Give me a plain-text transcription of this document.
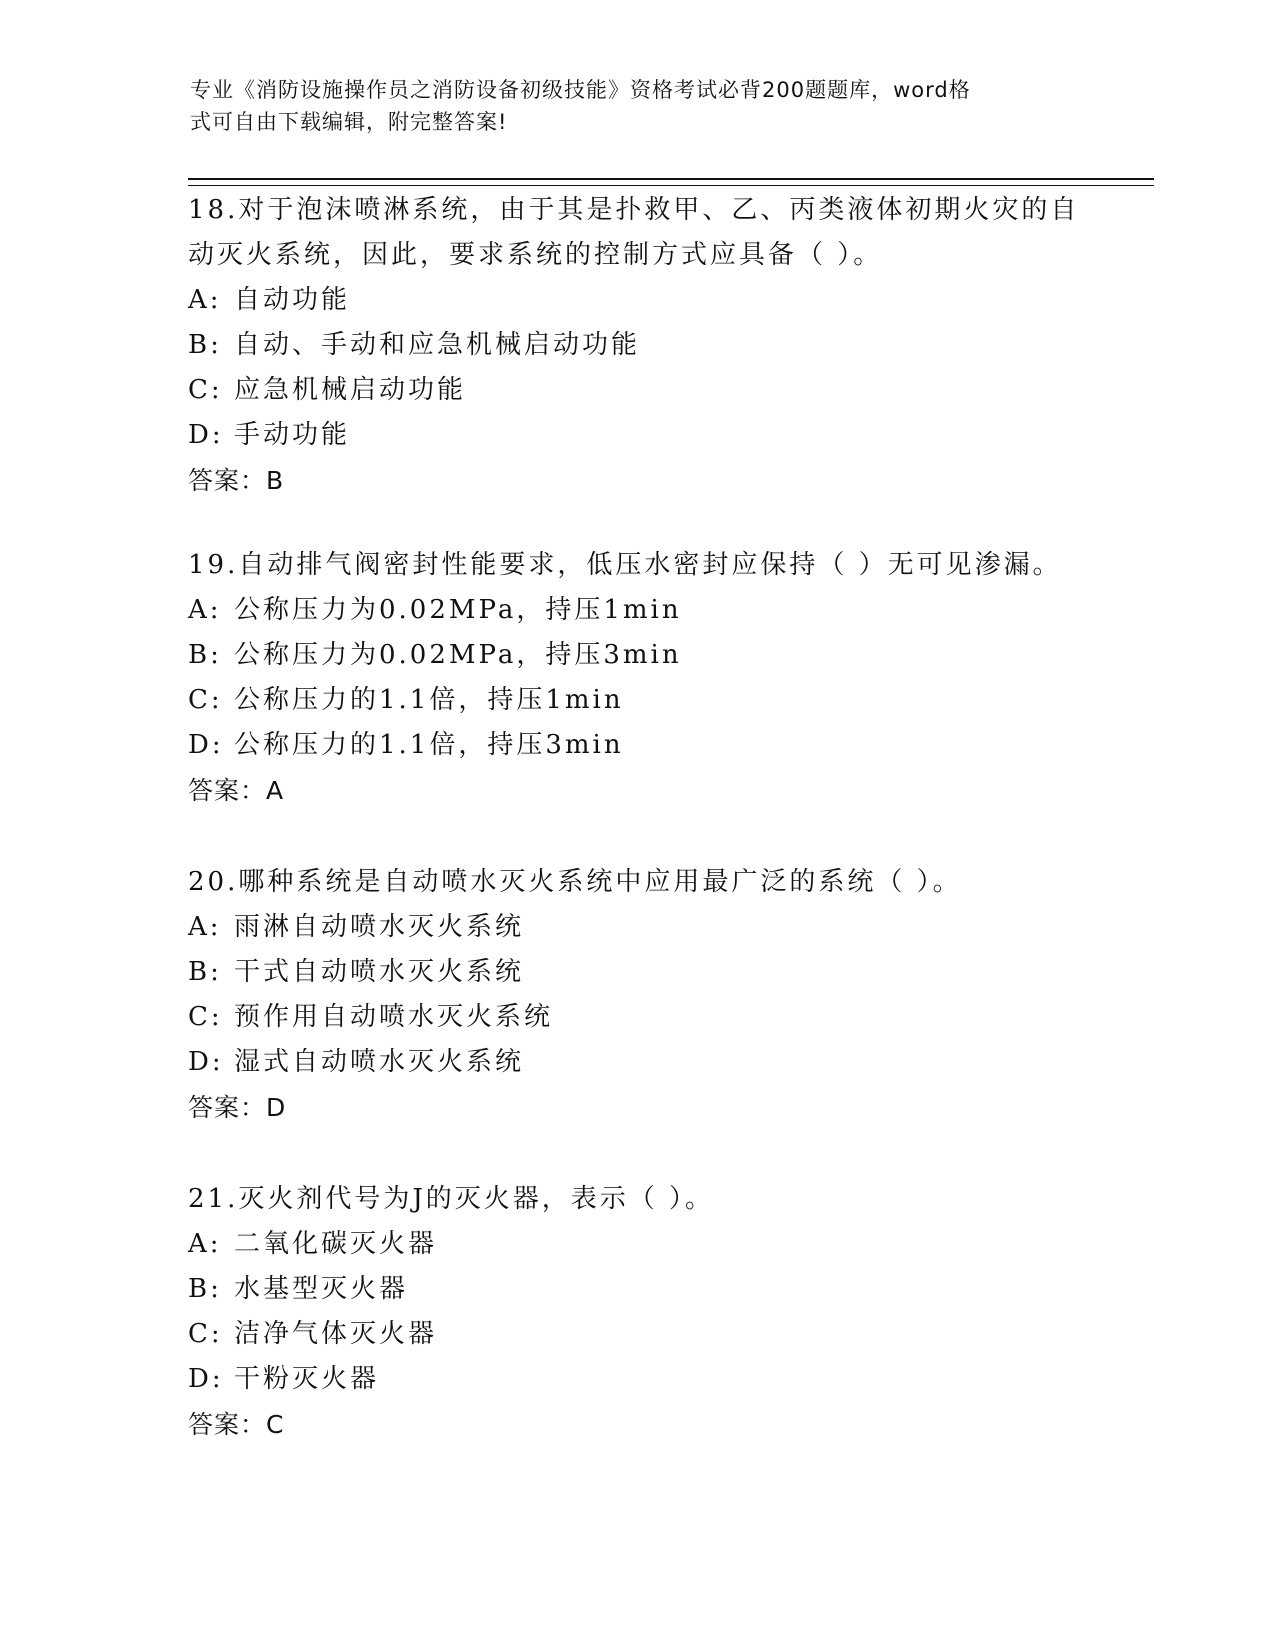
专业《消防设施操作员之消防设备初级技能》资格考试必背200题题库，word格
式可自由下载编辑，附完整答案!

18.对于泡沫喷淋系统，由于其是扑救甲、乙、丙类液体初期火灾的自

动灭火系统，因此，要求系统的控制方式应具备（ ）。

A: 自动功能

B: 自动、手动和应急机械启动功能

C: 应急机械启动功能

D: 手动功能

答案：B

19.自动排气阀密封性能要求，低压水密封应保持（ ）无可见渗漏。

A: 公称压力为0.02MPa，持压1min

B: 公称压力为0.02MPa，持压3min

C: 公称压力的1.1倍，持压1min

D: 公称压力的1.1倍，持压3min

答案：A

20.哪种系统是自动喷水灭火系统中应用最广泛的系统（ ）。

A: 雨淋自动喷水灭火系统

B: 干式自动喷水灭火系统

C: 预作用自动喷水灭火系统

D: 湿式自动喷水灭火系统

答案：D

21.灭火剂代号为J的灭火器，表示（ ）。

A: 二氧化碳灭火器

B: 水基型灭火器

C: 洁净气体灭火器

D: 干粉灭火器

答案：C
